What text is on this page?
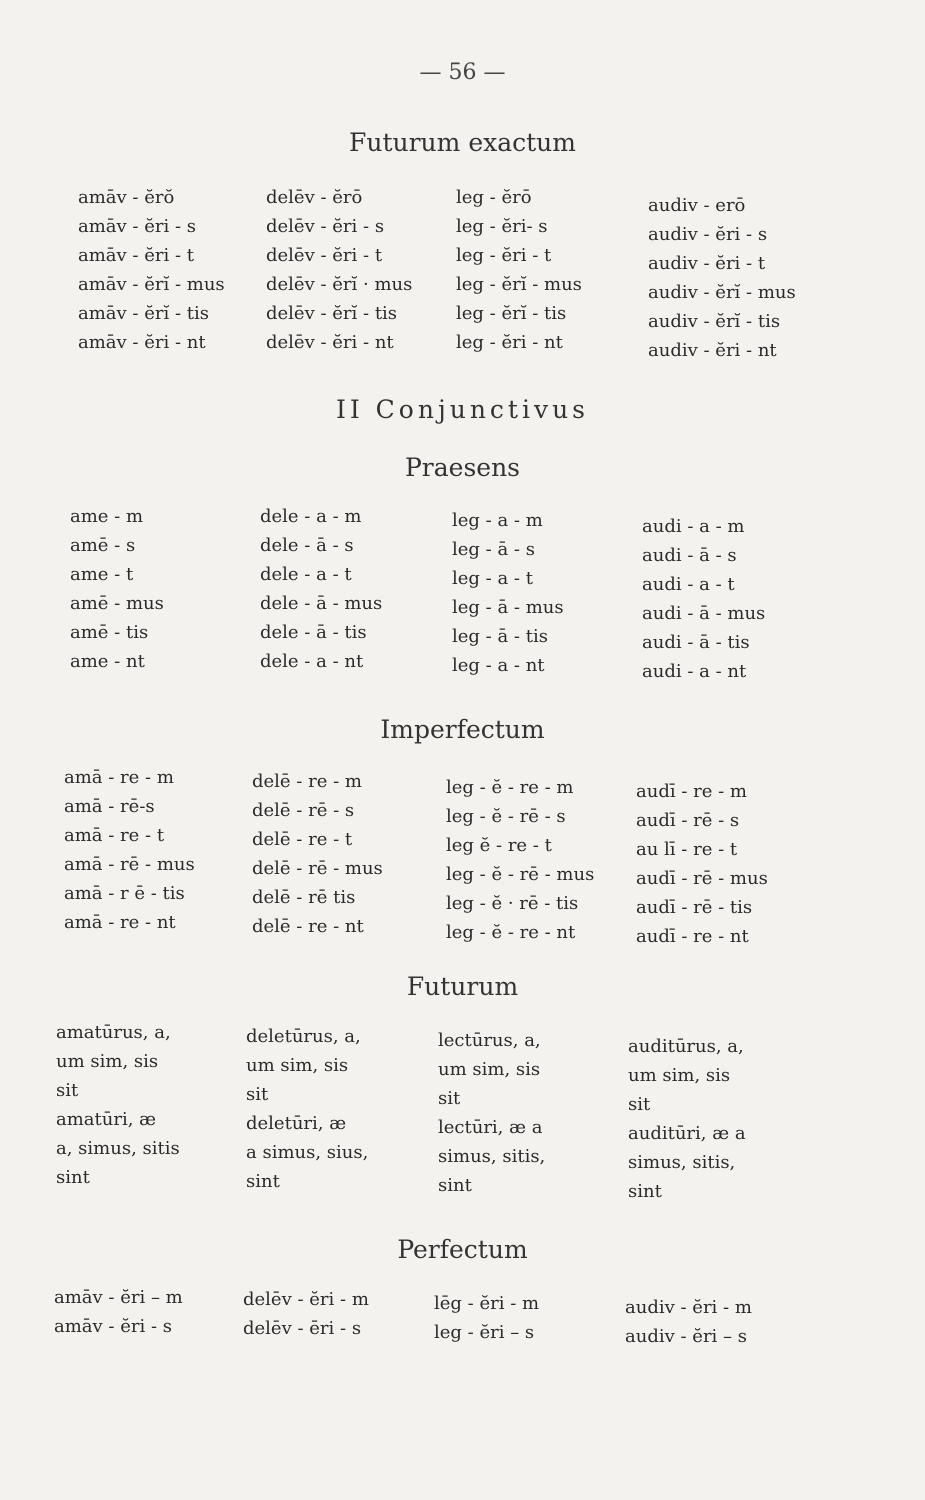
— 56 —
Futurum exactum
amāv - ĕrŏ
amāv - ĕri - s
amāv - ĕri - t
amāv - ĕrĭ - mus
amāv - ĕrĭ - tis
amāv - ĕri - nt
delēv - ĕrō
delēv - ĕri - s
delēv - ĕri - t
delēv - ĕrĭ · mus
delēv - ĕrĭ - tis
delēv - ĕri - nt
leg - ĕrō
leg - ĕri- s
leg - ĕri - t
leg - ĕrĭ - mus
leg - ĕrĭ - tis
leg - ĕri - nt
audiv - erō
audiv - ĕri - s
audiv - ĕri - t
audiv - ĕrĭ - mus
audiv - ĕrĭ - tis
audiv - ĕri - nt
II Conjunctivus
Praesens
ame - m
amē - s
ame - t
amē - mus
amē - tis
ame - nt
dele - a - m
dele - ā - s
dele - a - t
dele - ā - mus
dele - ā - tis
dele - a - nt
leg - a - m
leg - ā - s
leg - a - t
leg - ā - mus
leg - ā - tis
leg - a - nt
audi - a - m
audi - ā - s
audi - a - t
audi - ā - mus
audi - ā - tis
audi - a - nt
Imperfectum
amā - re - m
amā - rē-s
amā - re - t
amā - rē - mus
amā - r ē - tis
amā - re - nt
delē - re - m
delē - rē - s
delē - re - t
delē - rē - mus
delē - rē tis
delē - re - nt
leg - ĕ - re - m
leg - ĕ - rē - s
leg ĕ - re - t
leg - ĕ - rē - mus
leg - ĕ · rē - tis
leg - ĕ - re - nt
audī - re - m
audī - rē - s
au lī - re - t
audī - rē - mus
audī - rē - tis
audī - re - nt
Futurum
amatūrus, a,
um sim, sis
sit
amatūri, æ
a, simus, sitis
sint
deletūrus, a,
um sim, sis
sit
deletūri, æ
a simus, sius,
sint
lectūrus, a,
um sim, sis
sit
lectūri, æ a
simus, sitis,
sint
auditūrus, a,
um sim, sis
sit
auditūri, æ a
simus, sitis,
sint
Perfectum
amāv - ĕri – m
amāv - ĕri - s
delēv - ĕri - m
delēv - ēri - s
lēg - ĕri - m
leg - ĕri – s
audiv - ĕri - m
audiv - ĕri – s
